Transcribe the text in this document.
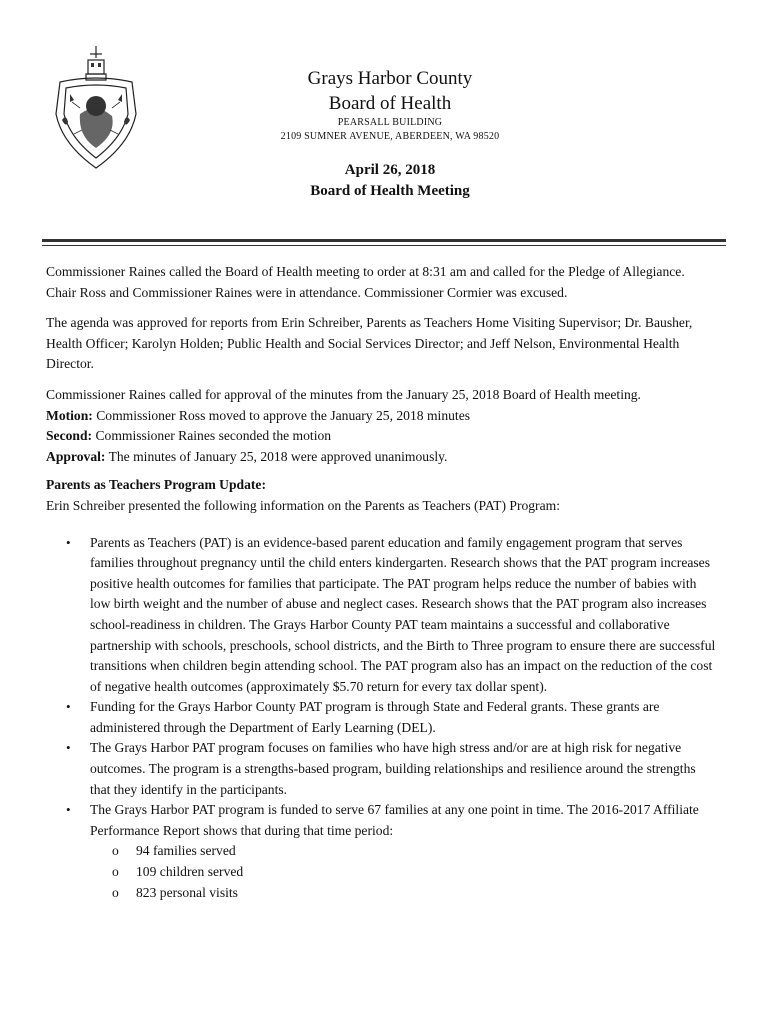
Grays Harbor County
Board of Health
PEARSALL BUILDING
2109 SUMNER AVENUE, ABERDEEN, WA 98520
April 26, 2018
Board of Health Meeting

Commissioner Raines called the Board of Health meeting to order at 8:31 am and called for the Pledge of Allegiance. Chair Ross and Commissioner Raines were in attendance. Commissioner Cormier was excused.

The agenda was approved for reports from Erin Schreiber, Parents as Teachers Home Visiting Supervisor; Dr. Bausher, Health Officer; Karolyn Holden; Public Health and Social Services Director; and Jeff Nelson, Environmental Health Director.

Commissioner Raines called for approval of the minutes from the January 25, 2018 Board of Health meeting.

Motion: Commissioner Ross moved to approve the January 25, 2018 minutes

Second: Commissioner Raines seconded the motion

Approval: The minutes of January 25, 2018 were approved unanimously.

Parents as Teachers Program Update:

Erin Schreiber presented the following information on the Parents as Teachers (PAT) Program:

• Parents as Teachers (PAT) is an evidence-based parent education and family engagement program that serves families throughout pregnancy until the child enters kindergarten. Research shows that the PAT program increases positive health outcomes for families that participate. The PAT program helps reduce the number of babies with low birth weight and the number of abuse and neglect cases. Research shows that the PAT program also increases school-readiness in children. The Grays Harbor County PAT team maintains a successful and collaborative partnership with schools, preschools, school districts, and the Birth to Three program to ensure there are successful transitions when children begin attending school. The PAT program also has an impact on the reduction of the cost of negative health outcomes (approximately $5.70 return for every tax dollar spent).
• Funding for the Grays Harbor County PAT program is through State and Federal grants. These grants are administered through the Department of Early Learning (DEL).
• The Grays Harbor PAT program focuses on families who have high stress and/or are at high risk for negative outcomes. The program is a strengths-based program, building relationships and resilience around the strengths that they identify in the participants.
• The Grays Harbor PAT program is funded to serve 67 families at any one point in time. The 2016-2017 Affiliate Performance Report shows that during that time period:
o 94 families served
o 109 children served
o 823 personal visits
